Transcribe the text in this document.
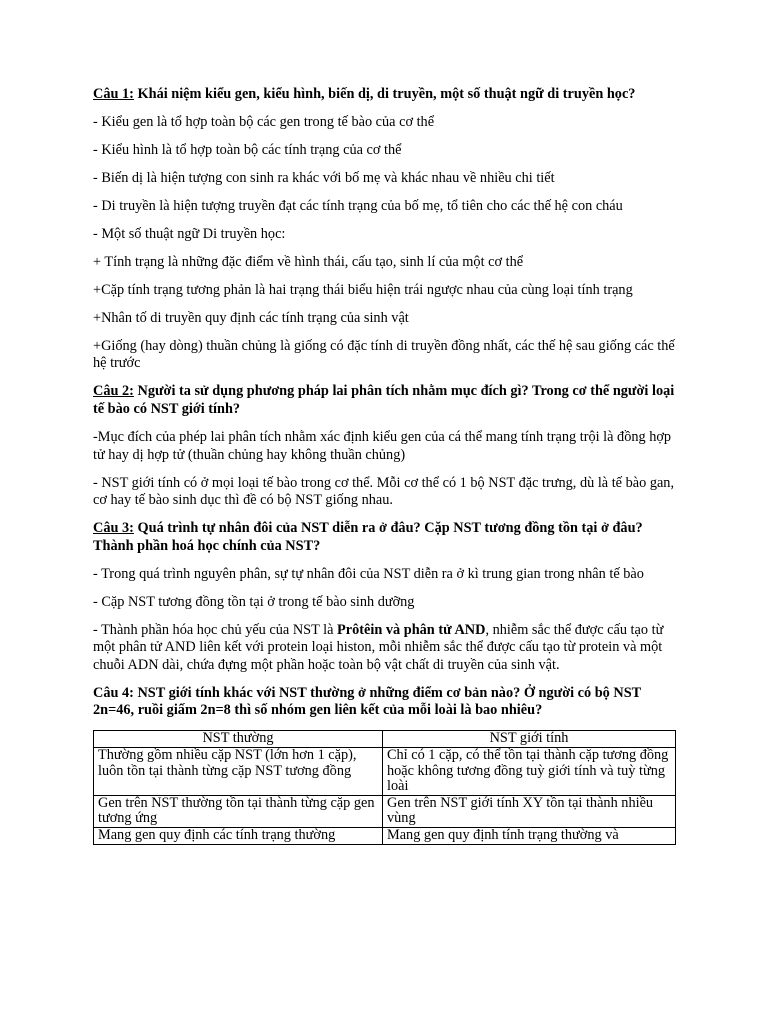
Câu 1: Khái niệm kiểu gen, kiểu hình, biến dị, di truyền, một số thuật ngữ di truyền học?

- Kiểu gen là tổ hợp toàn bộ các gen trong tế bào của cơ thể

- Kiểu hình là tổ hợp toàn bộ các tính trạng của cơ thể

- Biến dị là hiện tượng con sinh ra khác với bố mẹ và khác nhau về nhiều chi tiết

- Di truyền là hiện tượng truyền đạt các tính trạng của bố mẹ, tổ tiên cho các thế hệ con cháu

- Một số thuật ngữ Di truyền học:

+ Tính trạng là những đặc điểm về hình thái, cấu tạo, sinh lí của một cơ thể

+Cặp tính trạng tương phản là hai trạng thái biểu hiện trái ngược nhau của cùng loại tính trạng

+Nhân tố di truyền quy định các tính trạng của sinh vật

+Giống (hay dòng) thuần chủng là giống có đặc tính di truyền đồng nhất, các thế hệ sau giống các thế hệ trước

Câu 2: Người ta sử dụng phương pháp lai phân tích nhằm mục đích gì? Trong cơ thể người loại tế bào có NST giới tính?

-Mục đích của phép lai phân tích nhằm xác định kiểu gen của cá thể mang tính trạng trội là đồng hợp tử hay dị hợp tử (thuần chủng hay không thuần chủng)

- NST giới tính có ở mọi loại tế bào trong cơ thể. Mỗi cơ thể có 1 bộ NST đặc trưng, dù là tế bào gan, cơ hay tế bào sinh dục thì đề có bộ NST giống nhau.

Câu 3: Quá trình tự nhân đôi của NST diễn ra ở đâu? Cặp NST tương đồng tồn tại ở đâu? Thành phần hoá học chính của NST?

- Trong quá trình nguyên phân, sự tự nhân đôi của NST diễn ra ở kì trung gian trong nhân tế bào

- Cặp NST tương đồng tồn tại ở trong tế bào sinh dưỡng

- Thành phần hóa học chủ yếu của NST là Prôtêin và phân tử AND, nhiễm sắc thể được cấu tạo từ một phân tử AND liên kết với protein loại histon, mỗi nhiễm sắc thể được cấu tạo từ protein và một chuỗi ADN dài, chứa đựng một phần hoặc toàn bộ vật chất di truyền của sinh vật.

Câu 4: NST giới tính khác với NST thường ở những điểm cơ bản nào? Ở người có bộ NST 2n=46, ruồi giấm 2n=8 thì số nhóm gen liên kết của mỗi loài là bao nhiêu?

NST thường	NST giới tính
Thường gồm nhiều cặp NST (lớn hơn 1 cặp), luôn tồn tại thành từng cặp NST tương đồng	Chỉ có 1 cặp, có thể tồn tại thành cặp tương đồng hoặc không tương đồng tuỳ giới tính và tuỳ từng loài
Gen trên NST thường tồn tại thành từng cặp gen tương ứng	Gen trên NST giới tính XY tồn tại thành nhiều vùng
Mang gen quy định các tính trạng thường	Mang gen quy định tính trạng thường và
